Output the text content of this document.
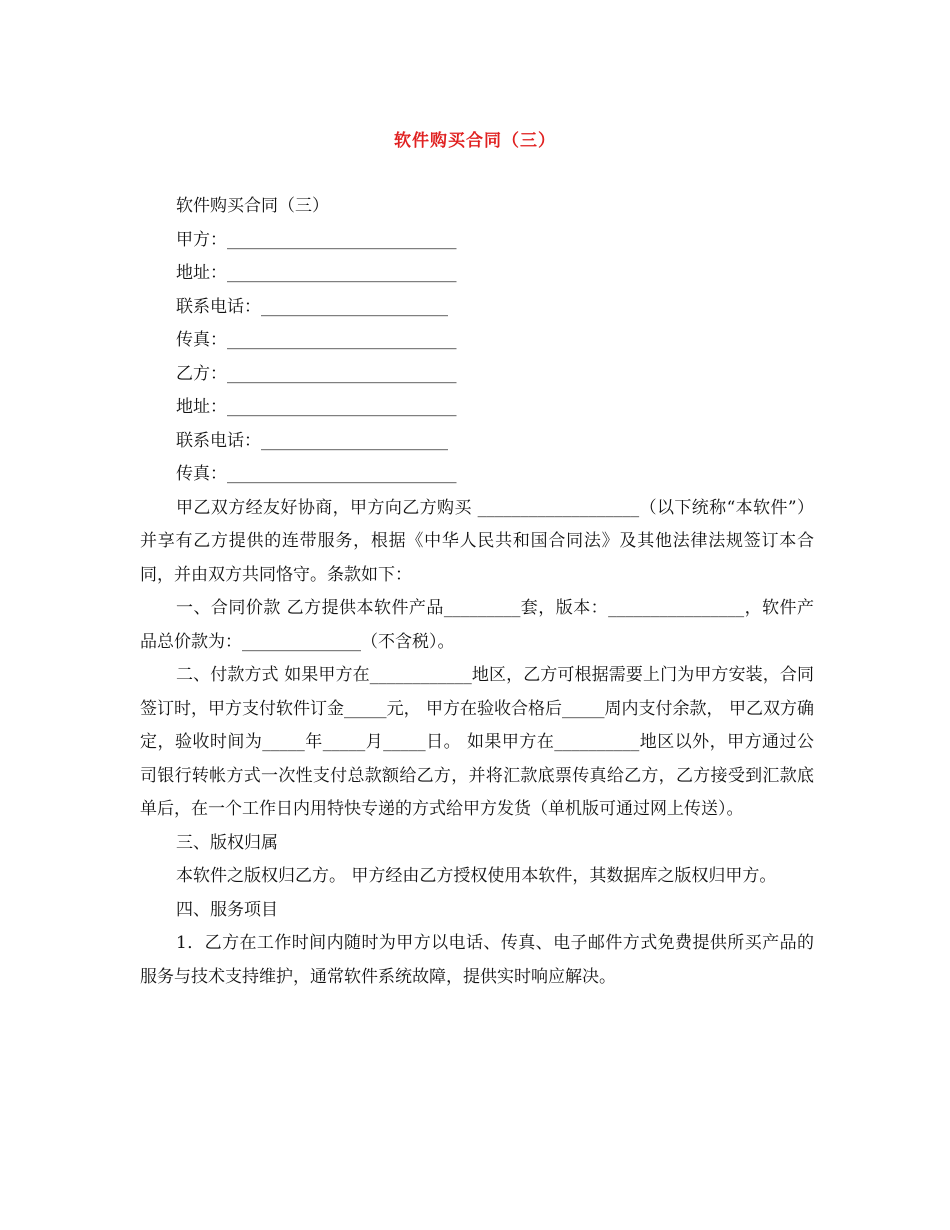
软件购买合同（三）
软件购买合同（三）
甲方：___________________________
地址：___________________________
联系电话：______________________
传真：___________________________
乙方：___________________________
地址：___________________________
联系电话：______________________
传真：___________________________
甲乙双方经友好协商，甲方向乙方购买 ___________________（以下统称“本软件”） 并享有乙方提供的连带服务，根据《中华人民共和国合同法》及其他法律法规签订本合同，并由双方共同恪守。条款如下：
一、合同价款 乙方提供本软件产品_________套，版本：________________，软件产品总价款为：______________（不含税）。
二、付款方式 如果甲方在____________地区，乙方可根据需要上门为甲方安装，合同签订时，甲方支付软件订金_____元， 甲方在验收合格后_____周内支付余款， 甲乙双方确定，验收时间为_____年_____月_____日。 如果甲方在__________地区以外，甲方通过公司银行转帐方式一次性支付总款额给乙方，并将汇款底票传真给乙方，乙方接受到汇款底单后，在一个工作日内用特快专递的方式给甲方发货（单机版可通过网上传送）。
三、版权归属
本软件之版权归乙方。 甲方经由乙方授权使用本软件，其数据库之版权归甲方。
四、服务项目
1．乙方在工作时间内随时为甲方以电话、传真、电子邮件方式免费提供所买产品的服务与技术支持维护，通常软件系统故障，提供实时响应解决。
